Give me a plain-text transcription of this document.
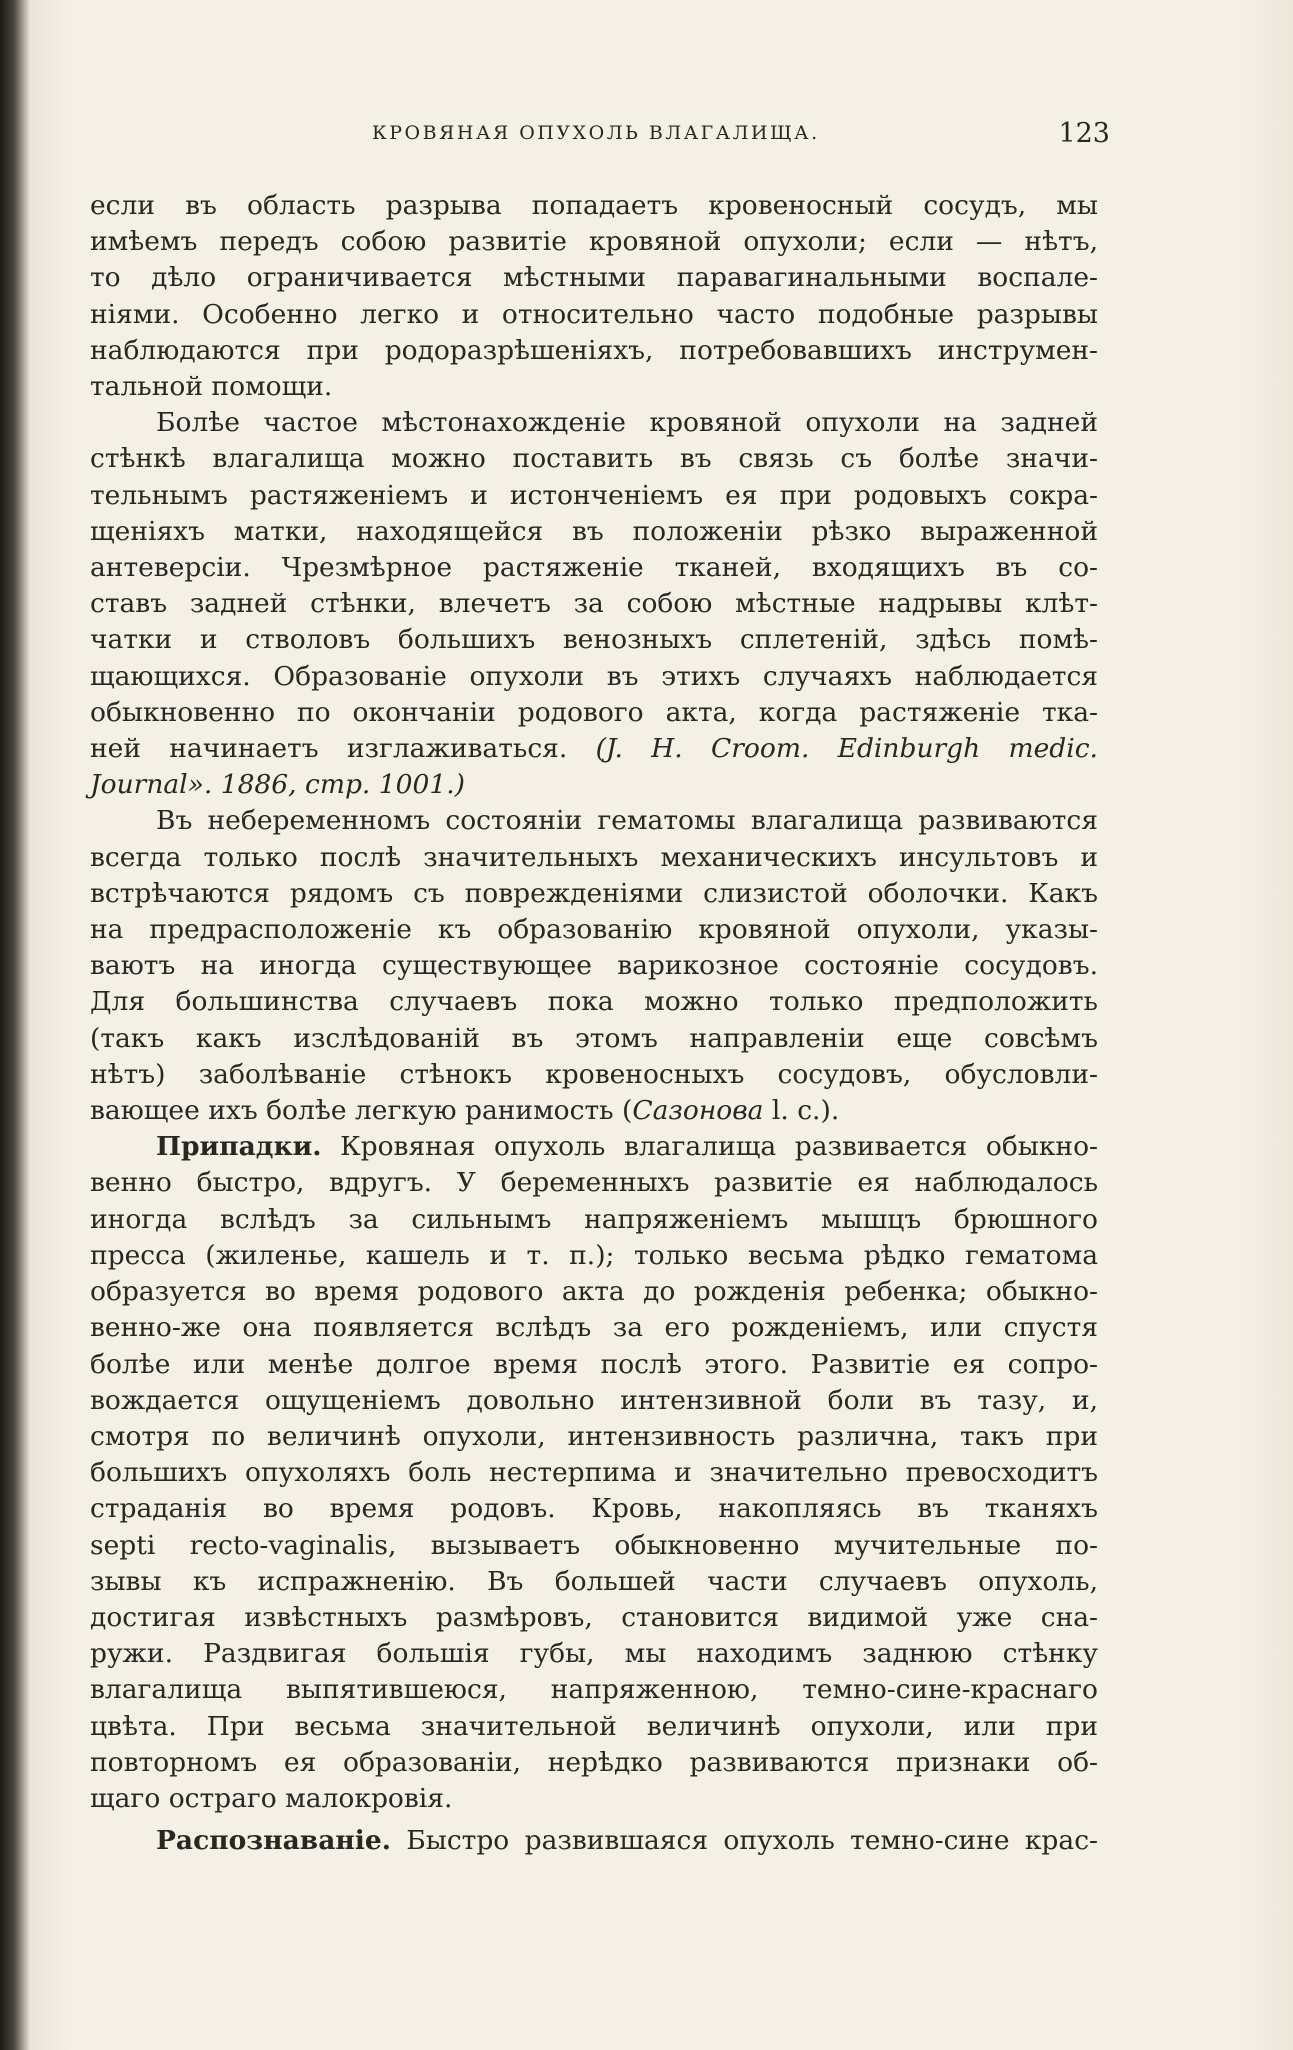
КРОВЯНАЯ ОПУХОЛЬ ВЛАГАЛИЩА.	123
если въ область разрыва попадаетъ кровеносный сосудъ, мы
имѣемъ передъ собою развитіе кровяной опухоли; если — нѣтъ,
то дѣло ограничивается мѣстными паравагинальными воспале-
ніями. Особенно легко и относительно часто подобные разрывы
наблюдаются при родоразрѣшеніяхъ, потребовавшихъ инструмен-
тальной помощи.
Болѣе частое мѣстонахожденіе кровяной опухоли на задней
стѣнкѣ влагалища можно поставить въ связь съ болѣе значи-
тельнымъ растяженіемъ и истонченіемъ ея при родовыхъ сокра-
щеніяхъ матки, находящейся въ положеніи рѣзко выраженной
антеверсіи. Чрезмѣрное растяженіе тканей, входящихъ въ со-
ставъ задней стѣнки, влечетъ за собою мѣстные надрывы клѣт-
чатки и стволовъ большихъ венозныхъ сплетеній, здѣсь помѣ-
щающихся. Образованіе опухоли въ этихъ случаяхъ наблюдается
обыкновенно по окончаніи родового акта, когда растяженіе тка-
ней начинаетъ изглаживаться. (J. H. Croom. Edinburgh medic.
Journal». 1886, стр. 1001.)
Въ небеременномъ состояніи гематомы влагалища развиваются
всегда только послѣ значительныхъ механическихъ инсультовъ и
встрѣчаются рядомъ съ поврежденіями слизистой оболочки. Какъ
на предрасположеніе къ образованію кровяной опухоли, указы-
ваютъ на иногда существующее варикозное состояніе сосудовъ.
Для большинства случаевъ пока можно только предположить
(такъ какъ изслѣдованій въ этомъ направленіи еще совсѣмъ
нѣтъ) заболѣваніе стѣнокъ кровеносныхъ сосудовъ, обусловли-
вающее ихъ болѣе легкую ранимость (Сазонова l. c.).
Припадки. Кровяная опухоль влагалища развивается обыкно-
венно быстро, вдругъ. У беременныхъ развитіе ея наблюдалось
иногда вслѣдъ за сильнымъ напряженіемъ мышцъ брюшного
пресса (жиленье, кашель и т. п.); только весьма рѣдко гематома
образуется во время родового акта до рожденія ребенка; обыкно-
венно-же она появляется вслѣдъ за его рожденіемъ, или спустя
болѣе или менѣе долгое время послѣ этого. Развитіе ея сопро-
вождается ощущеніемъ довольно интензивной боли въ тазу, и,
смотря по величинѣ опухоли, интензивность различна, такъ при
большихъ опухоляхъ боль нестерпима и значительно превосходитъ
страданія во время родовъ. Кровь, накопляясь въ тканяхъ
septi recto-vaginalis, вызываетъ обыкновенно мучительные по-
зывы къ испражненію. Въ большей части случаевъ опухоль,
достигая извѣстныхъ размѣровъ, становится видимой уже сна-
ружи. Раздвигая большія губы, мы находимъ заднюю стѣнку
влагалища выпятившеюся, напряженною, темно-сине-краснаго
цвѣта. При весьма значительной величинѣ опухоли, или при
повторномъ ея образованіи, нерѣдко развиваются признаки об-
щаго остраго малокровія.
Распознаваніе. Быстро развившаяся опухоль темно-сине крас-
